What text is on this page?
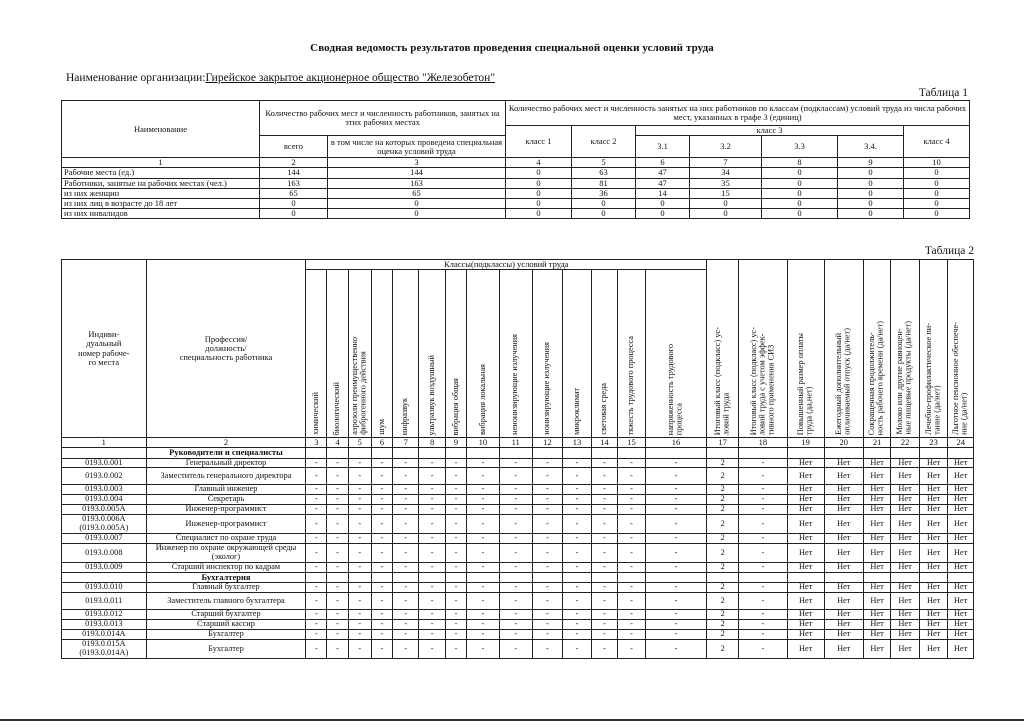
Сводная ведомость результатов проведения специальной оценки условий труда
Наименование организации:Гирейское закрытое акционерное общество "Железобетон"
Таблица 1
Наименование	Количество рабочих мест и численность работников, занятых на этих рабочих местах		Количество рабочих мест и численность занятых на них работников по классам (подклассам) условий труда из числа рабочих мест, указанных в графе 3 (единиц)						
			класс 1	класс 2	класс 3				класс 4
	всего	в том числе на которых проведена специальная оценка условий труда			3.1	3.2	3.3	3.4.	
1	2	3	4	5	6	7	8	9	10
Рабочие места (ед.)	144	144	0	63	47	34	0	0	0
Работники, занятые на рабочих местах (чел.)	163	163	0	81	47	35	0	0	0
из них женщин	65	65	0	36	14	15	0	0	0
из них лиц в возрасте до 18 лет	0	0	0	0	0	0	0	0	0
из них инвалидов	0	0	0	0	0	0	0	0	0
Таблица 2
Индиви-
дуальный
номер рабоче-
го места	Профессия/
должность/
специальность работника	Классы(подклассы) условий труда														Итоговый класс (подкласс) ус-
ловий труда	Итоговый класс (подкласс) ус-
ловий труда с учетом эффек-
тивного применения СИЗ	Повышенный размер оплаты
труда (да,нет)	Ежегодный дополнительный
оплачиваемый отпуск (да/нет)	Сокращенная продолжитель-
ность рабочего времени (да/нет)	Молоко или другие равноцен-
ные пищевые продукты (да/нет)	Лечебно-профилактическое пи-
тание (да/нет)	Льготное пенсионное обеспече-
ние (да/нет)
		химический	биологический	аэрозоли преимущественно
фиброгенного действия	шум	инфразвук	ультразвук воздушный	вибрация общая	вибрация локальная	неионизирующие излучения	ионизирующие излучения	микроклимат	световая среда	тяжесть трудового процесса	напряженность трудового
процесса								
1	2	3	4	5	6	7	8	9	10	11	12	13	14	15	16	17	18	19	20	21	22	23	24
	Руководители и специалисты																						
0193.0.001	Генеральный директор	-	-	-	-	-	-	-	-	-	-	-	-	-	-	2	-	Нет	Нет	Нет	Нет	Нет	Нет
0193.0.002	Заместитель генерального директора	-	-	-	-	-	-	-	-	-	-	-	-	-	-	2	-	Нет	Нет	Нет	Нет	Нет	Нет
0193.0.003	Главный инженер	-	-	-	-	-	-	-	-	-	-	-	-	-	-	2	-	Нет	Нет	Нет	Нет	Нет	Нет
0193.0.004	Секретарь	-	-	-	-	-	-	-	-	-	-	-	-	-	-	2	-	Нет	Нет	Нет	Нет	Нет	Нет
0193.0.005А	Инженер-программист	-	-	-	-	-	-	-	-	-	-	-	-	-	-	2	-	Нет	Нет	Нет	Нет	Нет	Нет
0193.0.006А (0193.0.005А)	Инженер-программист	-	-	-	-	-	-	-	-	-	-	-	-	-	-	2	-	Нет	Нет	Нет	Нет	Нет	Нет
0193.0.007	Специалист по охране труда	-	-	-	-	-	-	-	-	-	-	-	-	-	-	2	-	Нет	Нет	Нет	Нет	Нет	Нет
0193.0.008	Инженер по охране окружающей среды (эколог)	-	-	-	-	-	-	-	-	-	-	-	-	-	-	2	-	Нет	Нет	Нет	Нет	Нет	Нет
0193.0.009	Старший инспектор по кадрам	-	-	-	-	-	-	-	-	-	-	-	-	-	-	2	-	Нет	Нет	Нет	Нет	Нет	Нет
	Бухгалтерия																						
0193.0.010	Главный бухгалтер	-	-	-	-	-	-	-	-	-	-	-	-	-	-	2	-	Нет	Нет	Нет	Нет	Нет	Нет
0193.0.011	Заместитель главного бухгалтера	-	-	-	-	-	-	-	-	-	-	-	-	-	-	2	-	Нет	Нет	Нет	Нет	Нет	Нет
0193.0.012	Старший бухгалтер	-	-	-	-	-	-	-	-	-	-	-	-	-	-	2	-	Нет	Нет	Нет	Нет	Нет	Нет
0193.0.013	Старший кассир	-	-	-	-	-	-	-	-	-	-	-	-	-	-	2	-	Нет	Нет	Нет	Нет	Нет	Нет
0193.0.014А	Бухгалтер	-	-	-	-	-	-	-	-	-	-	-	-	-	-	2	-	Нет	Нет	Нет	Нет	Нет	Нет
0193.0.015А (0193.0.014А)	Бухгалтер	-	-	-	-	-	-	-	-	-	-	-	-	-	-	2	-	Нет	Нет	Нет	Нет	Нет	Нет
